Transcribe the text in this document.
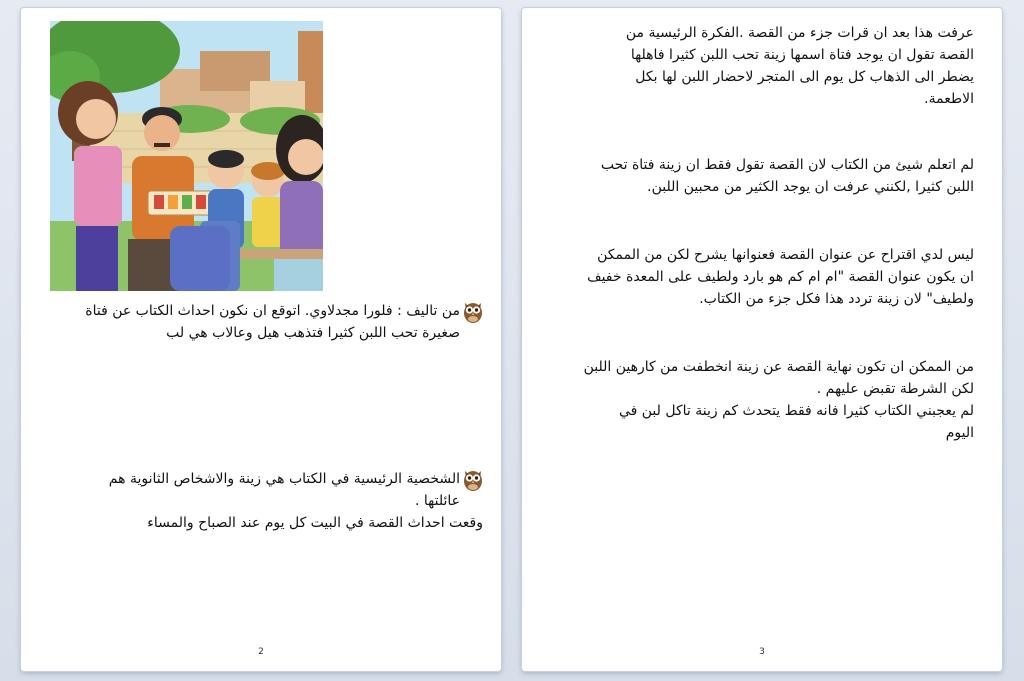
من تاليف : فلورا مجدلاوي. اتوقع ان نكون احداث الكتاب عن فتاة

صغيرة تحب اللبن كثيرا فتذهب هيل وعالاب هي لب

الشخصية الرئيسية في الكتاب هي زينة والاشخاص الثانوية هم

عائلتها .

وقعت احداث القصة في البيت كل يوم عند الصباح والمساء

2

عرفت هذا بعد ان قرات جزء من القصة .الفكرة الرئيسية من

القصة تقول ان يوجد فتاة اسمها زينة تحب اللبن كثيرا فاهلها

يضطر الى الذهاب كل يوم الى المتجر لاحضار اللبن لها بكل

الاطعمة.

لم اتعلم شيئ من الكتاب لان القصة تقول فقط ان زينة فتاة تحب

اللبن كثيرا ,لكنني عرفت ان يوجد الكثير من محبين اللبن.

ليس لدي اقتراح عن عنوان القصة فعنوانها يشرح لكن من الممكن

ان يكون عنوان القصة "ام ام كم هو بارد ولطيف على المعدة خفيف

ولطيف" لان زينة تردد هذا فكل جزء من الكتاب.

من الممكن ان تكون نهاية القصة عن زينة انخطفت من كارهين اللبن

لكن الشرطة تقبض عليهم .

لم يعجبني الكتاب كثيرا فانه فقط يتحدث كم زينة تاكل لبن في

اليوم

3
